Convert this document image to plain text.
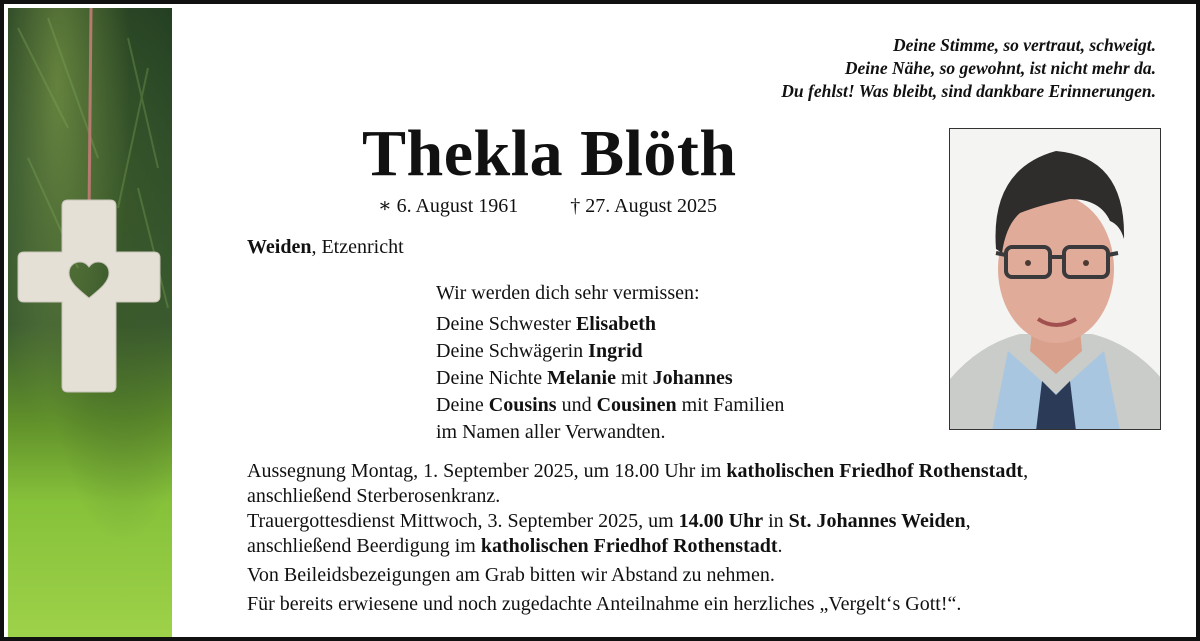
Deine Stimme, so vertraut, schweigt.
Deine Nähe, so gewohnt, ist nicht mehr da.
Du fehlst! Was bleibt, sind dankbare Erinnerungen.
Thekla Blöth
∗ 6. August 1961	† 27. August 2025
Weiden, Etzenricht
Wir werden dich sehr vermissen:
Deine Schwester Elisabeth
Deine Schwägerin Ingrid
Deine Nichte Melanie mit Johannes
Deine Cousins und Cousinen mit Familien
im Namen aller Verwandten.
Aussegnung Montag, 1. September 2025, um 18.00 Uhr im katholischen Friedhof Rothenstadt,
anschließend Sterberosenkranz.
Trauergottesdienst Mittwoch, 3. September 2025, um 14.00 Uhr in St. Johannes Weiden,
anschließend Beerdigung im katholischen Friedhof Rothenstadt.
Von Beileidsbezeigungen am Grab bitten wir Abstand zu nehmen.
Für bereits erwiesene und noch zugedachte Anteilnahme ein herzliches „Vergelt‘s Gott!“.
